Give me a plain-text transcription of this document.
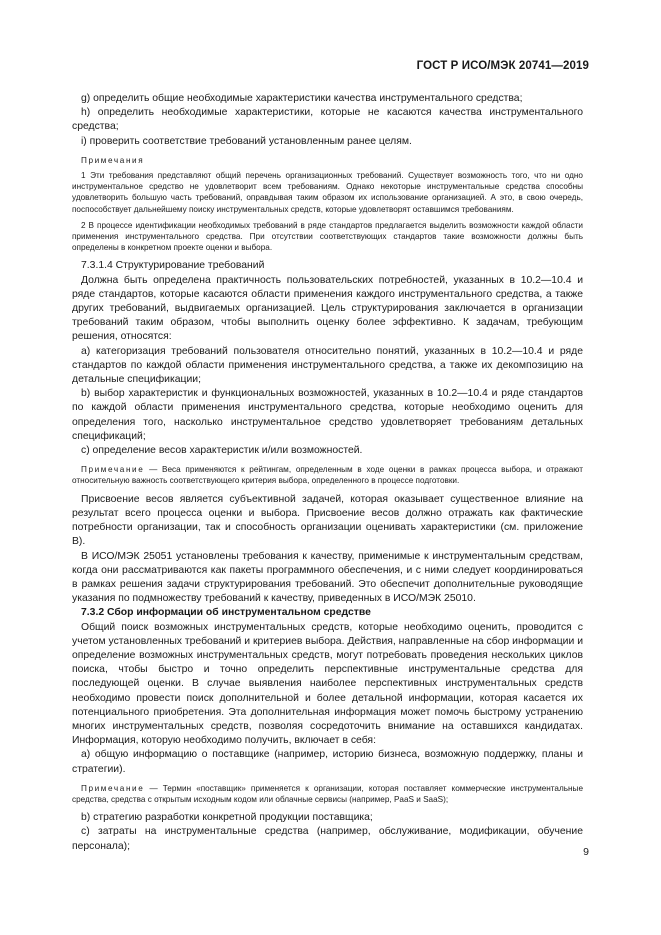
ГОСТ Р ИСО/МЭК 20741—2019

g) определить общие необходимые характеристики качества инструментального средства;

h) определить необходимые характеристики, которые не касаются качества инструментального средства;

i) проверить соответствие требований установленным ранее целям.

Примечания

1 Эти требования представляют общий перечень организационных требований. Существует возможность того, что ни одно инструментальное средство не удовлетворит всем требованиям. Однако некоторые инструментальные средства способны удовлетворить большую часть требований, оправдывая таким образом их использование организацией. А это, в свою очередь, поспособствует дальнейшему поиску инструментальных средств, которые удовлетворят оставшимся требованиям.

2 В процессе идентификации необходимых требований в ряде стандартов предлагается выделить возможности каждой области применения инструментального средства. При отсутствии соответствующих стандартов такие возможности должны быть определены в конкретном проекте оценки и выбора.

7.3.1.4 Структурирование требований

Должна быть определена практичность пользовательских потребностей, указанных в 10.2—10.4 и ряде стандартов, которые касаются области применения каждого инструментального средства, а также других требований, выдвигаемых организацией. Цель структурирования заключается в организации требований таким образом, чтобы выполнить оценку более эффективно. К задачам, требующим решения, относятся:

a) категоризация требований пользователя относительно понятий, указанных в 10.2—10.4 и ряде стандартов по каждой области применения инструментального средства, а также их декомпозицию на детальные спецификации;

b) выбор характеристик и функциональных возможностей, указанных в 10.2—10.4 и ряде стандартов по каждой области применения инструментального средства, которые необходимо оценить для определения того, насколько инструментальное средство удовлетворяет требованиям детальных спецификаций;

c) определение весов характеристик и/или возможностей.

Примечание — Веса применяются к рейтингам, определенным в ходе оценки в рамках процесса выбора, и отражают относительную важность соответствующего критерия выбора, определенного в процессе подготовки.

Присвоение весов является субъективной задачей, которая оказывает существенное влияние на результат всего процесса оценки и выбора. Присвоение весов должно отражать как фактические потребности организации, так и способность организации оценивать характеристики (см. приложение В).

В ИСО/МЭК 25051 установлены требования к качеству, применимые к инструментальным средствам, когда они рассматриваются как пакеты программного обеспечения, и с ними следует координироваться в рамках решения задачи структурирования требований. Это обеспечит дополнительные руководящие указания по подмножеству требований к качеству, приведенных в ИСО/МЭК 25010.

7.3.2 Сбор информации об инструментальном средстве

Общий поиск возможных инструментальных средств, которые необходимо оценить, проводится с учетом установленных требований и критериев выбора. Действия, направленные на сбор информации и определение возможных инструментальных средств, могут потребовать проведения нескольких циклов поиска, чтобы быстро и точно определить перспективные инструментальные средства для последующей оценки. В случае выявления наиболее перспективных инструментальных средств необходимо провести поиск дополнительной и более детальной информации, которая касается их потенциального приобретения. Эта дополнительная информация может помочь быстрому устранению многих инструментальных средств, позволяя сосредоточить внимание на оставшихся кандидатах. Информация, которую необходимо получить, включает в себя:

a) общую информацию о поставщике (например, историю бизнеса, возможную поддержку, планы и стратегии).

Примечание — Термин «поставщик» применяется к организации, которая поставляет коммерческие инструментальные средства, средства с открытым исходным кодом или облачные сервисы (например, PaaS и SaaS);

b) стратегию разработки конкретной продукции поставщика;

c) затраты на инструментальные средства (например, обслуживание, модификации, обучение персонала);	9
